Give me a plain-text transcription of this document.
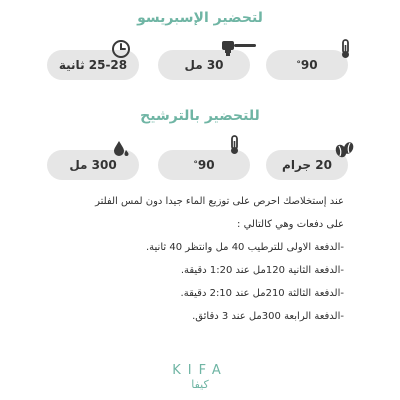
لتحضير الإسبريسو
25-28 ثانية	30 مل	90
°
للتحضير بالترشيح
300 مل	90
°	20 جرام
عند إستخلاصك احرص على توزيع الماء جيدا دون لمس الفلتر
على دفعات وهي كالتالي :
-الدفعة الاولى للترطيب 40 مل وانتظر 40 ثانية.
-الدفعة الثانية 120مل عند 1:20 دقيقة.
-الدفعة الثالثة 210مل عند 2:10 دقيقة.
-الدفعة الرابعة 300مل عند 3 دقائق.
KIFA
كيفا
